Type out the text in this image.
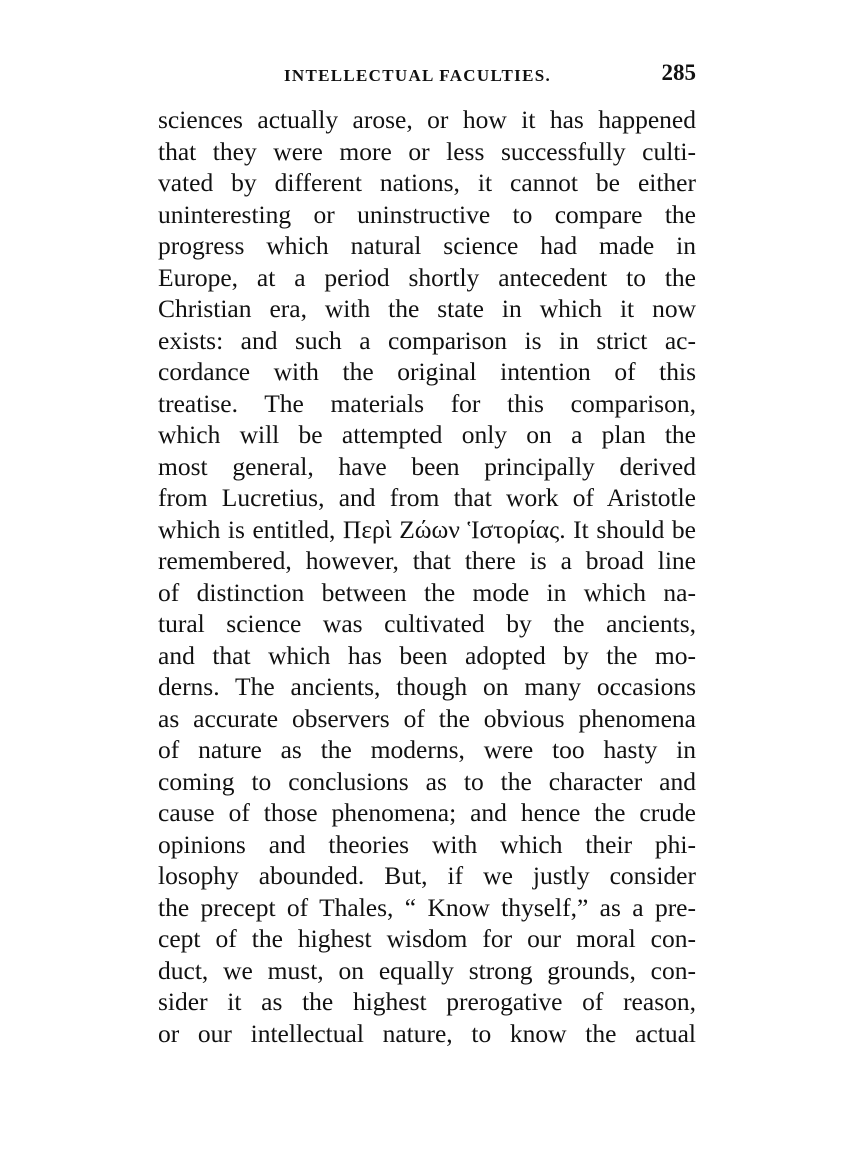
INTELLECTUAL FACULTIES.	285
sciences actually arose, or how it has happened
that they were more or less successfully culti-
vated by different nations, it cannot be either
uninteresting or uninstructive to compare the
progress which natural science had made in
Europe, at a period shortly antecedent to the
Christian era, with the state in which it now
exists: and such a comparison is in strict ac-
cordance with the original intention of this
treatise. The materials for this comparison,
which will be attempted only on a plan the
most general, have been principally derived
from Lucretius, and from that work of Aristotle
which is entitled, Περὶ Ζώων Ἱστορίας. It should be
remembered, however, that there is a broad line
of distinction between the mode in which na-
tural science was cultivated by the ancients,
and that which has been adopted by the mo-
derns. The ancients, though on many occasions
as accurate observers of the obvious phenomena
of nature as the moderns, were too hasty in
coming to conclusions as to the character and
cause of those phenomena; and hence the crude
opinions and theories with which their phi-
losophy abounded. But, if we justly consider
the precept of Thales, “ Know thyself,” as a pre-
cept of the highest wisdom for our moral con-
duct, we must, on equally strong grounds, con-
sider it as the highest prerogative of reason,
or our intellectual nature, to know the actual
